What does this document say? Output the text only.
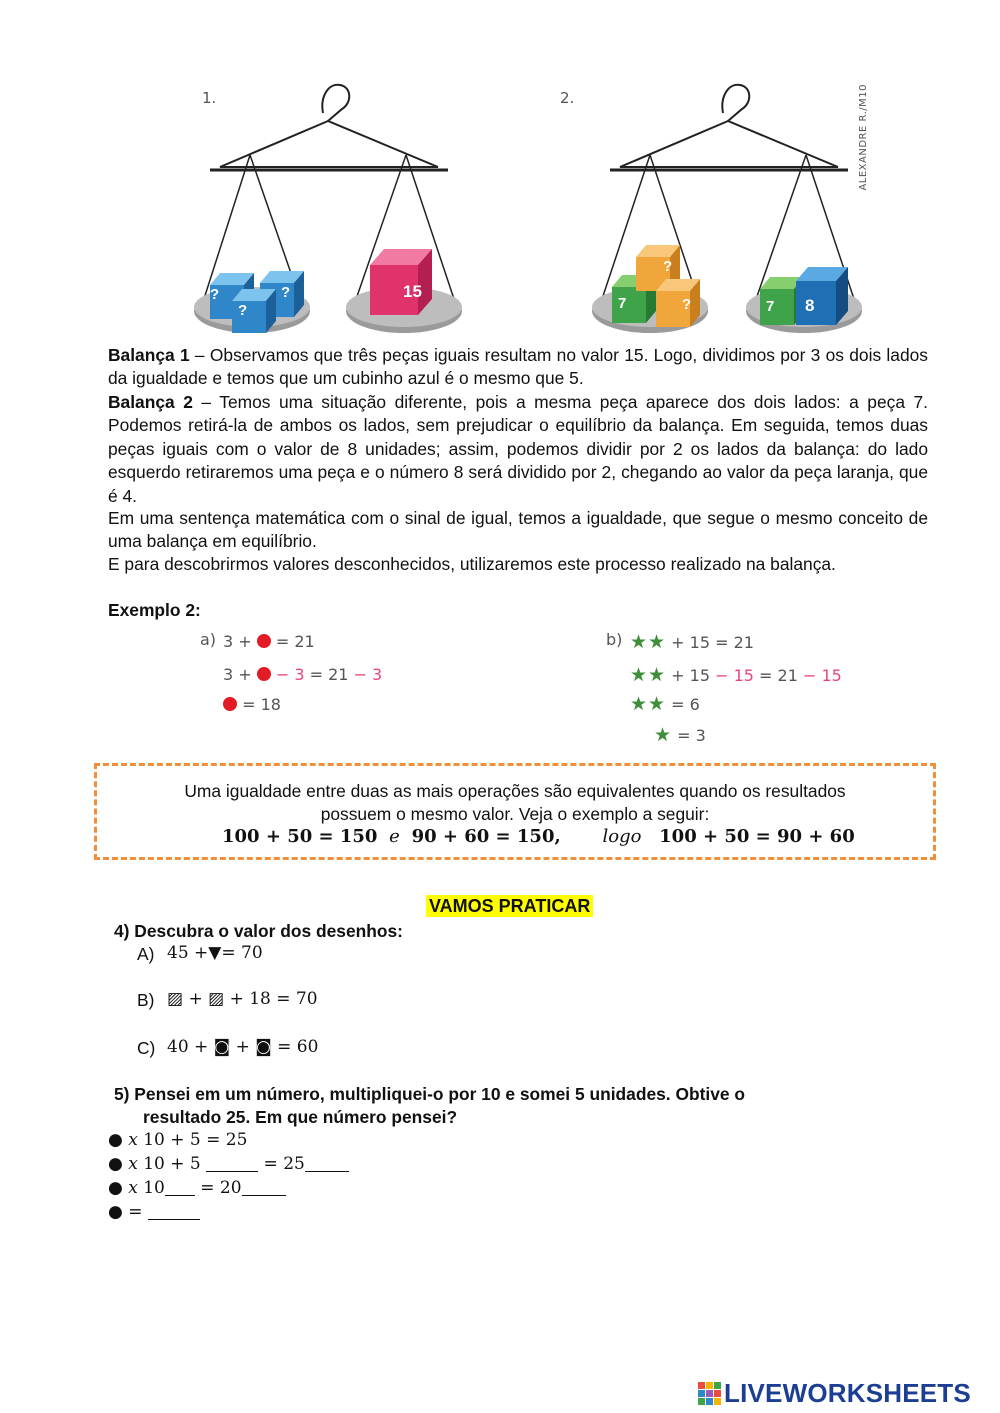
1.	2.	ALEXANDRE R./M10
?	?
?
15
?
7	?	7 8
Balança 1 – Observamos que três peças iguais resultam no valor 15. Logo, dividimos por 3 os dois lados da igualdade e temos que um cubinho azul é o mesmo que 5.
Balança 2 – Temos uma situação diferente, pois a mesma peça aparece dos dois lados: a peça 7. Podemos retirá-la de ambos os lados, sem prejudicar o equilíbrio da balança. Em seguida, temos duas peças iguais com o valor de 8 unidades; assim, podemos dividir por 2 os lados da balança: do lado esquerdo retiraremos uma peça e o número 8 será dividido por 2, chegando ao valor da peça laranja, que é 4.
Em uma sentença matemática com o sinal de igual, temos a igualdade, que segue o mesmo conceito de uma balança em equilíbrio.
E para descobrirmos valores desconhecidos, utilizaremos este processo realizado na balança.
Exemplo 2:
a) 3 +  = 21
3 +  − 3 = 21 − 3
= 18
b) ★★ + 15 = 21
★★ + 15 − 15 = 21 − 15
★★ = 6
★ = 3
Uma igualdade entre duas as mais operações são equivalentes quando os resultados
possuem o mesmo valor. Veja o exemplo a seguir:
100 + 50 = 150 e 90 + 60 = 150, logo 100 + 50 = 90 + 60
VAMOS PRATICAR
4) Descubra o valor dos desenhos:
A) 45 +▼= 70
B) ▨ + ▨ + 18 = 70
C) 40 + ◙ + ◙ = 60
5) Pensei em um número, multipliquei-o por 10 e somei 5 unidades. Obtive o
resultado 25. Em que número pensei?
● 𝑥 10 + 5 = 25
● 𝑥 10 + 5	= 25
● 𝑥 10 = 20
● =
LIVEWORKSHEETS
